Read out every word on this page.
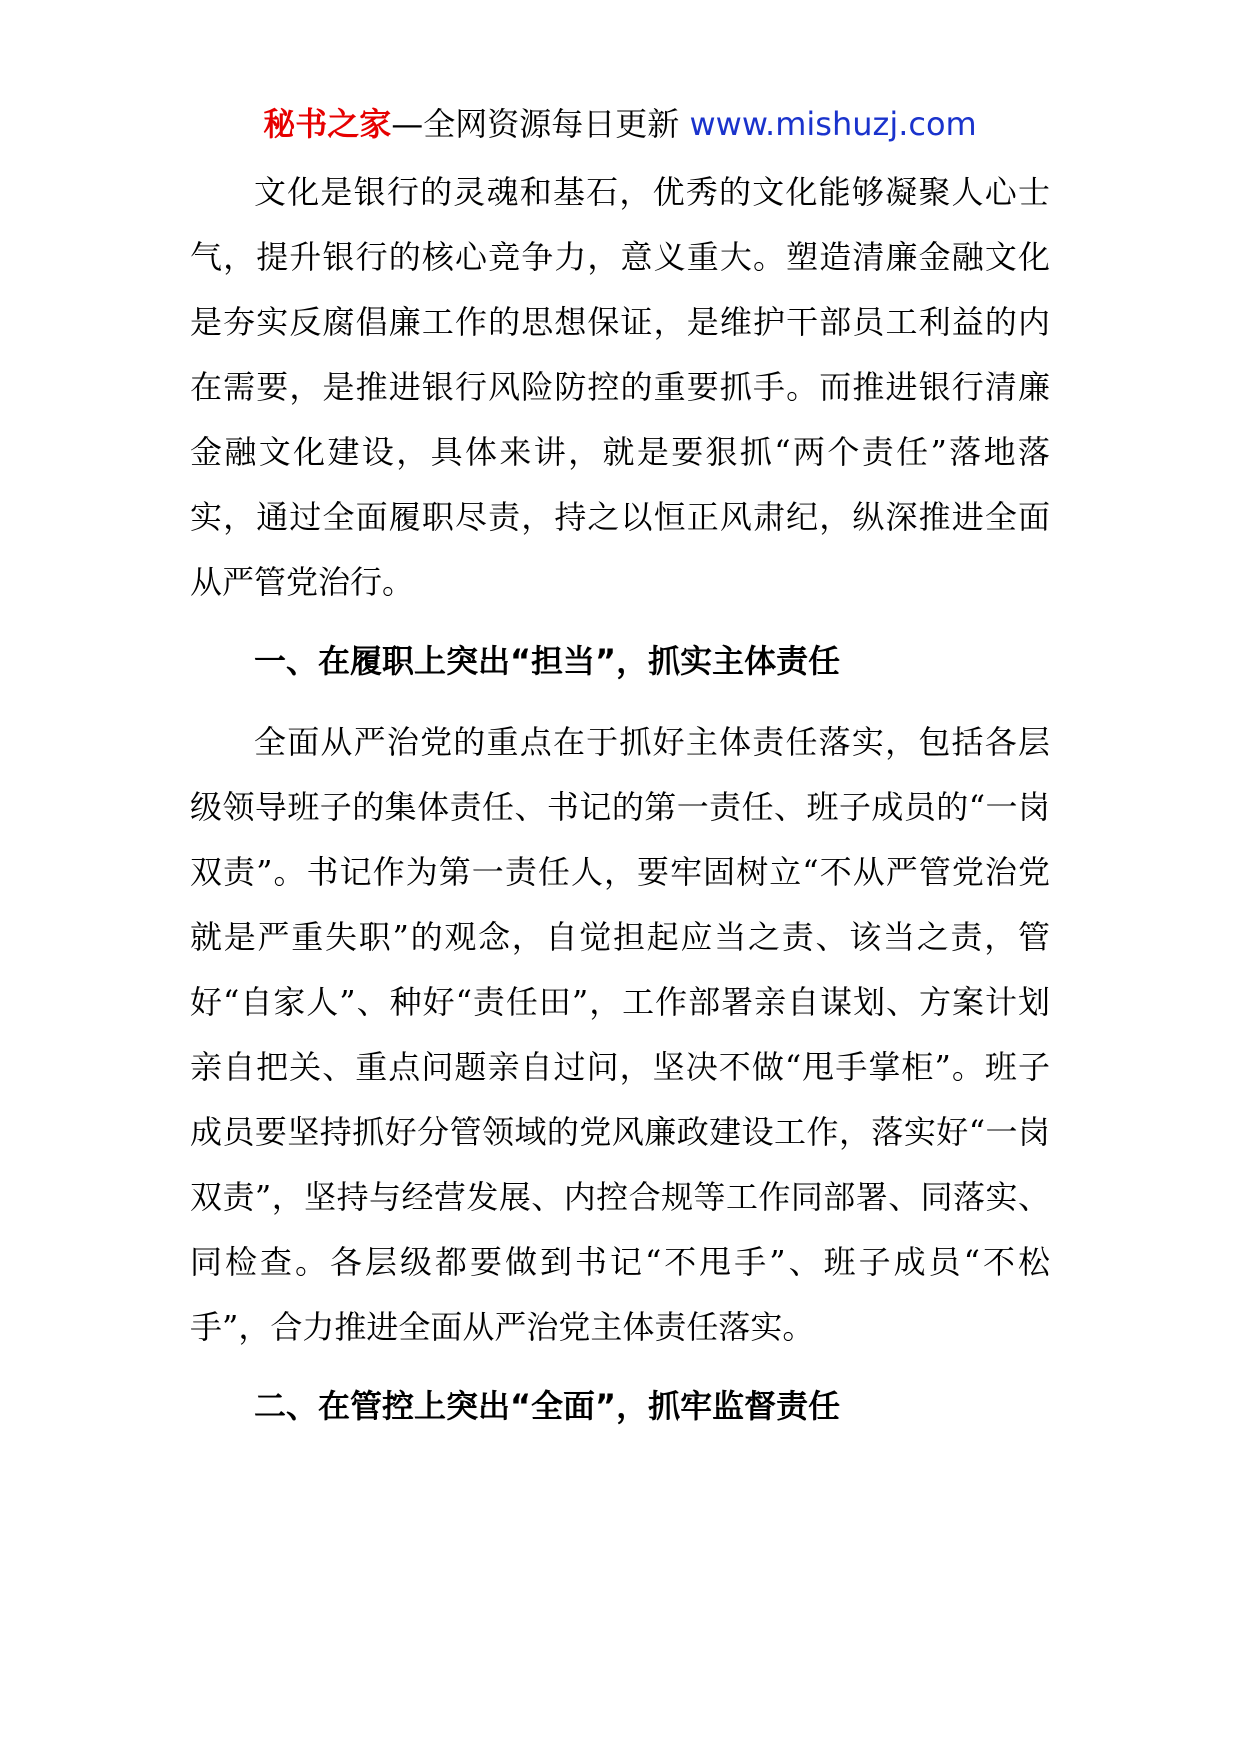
秘书之家—全网资源每日更新 www.mishuzj.com

文化是银行的灵魂和基石，优秀的文化能够凝聚人心士气，提升银行的核心竞争力，意义重大。塑造清廉金融文化是夯实反腐倡廉工作的思想保证，是维护干部员工利益的内在需要，是推进银行风险防控的重要抓手。而推进银行清廉金融文化建设，具体来讲，就是要狠抓“两个责任”落地落实，通过全面履职尽责，持之以恒正风肃纪，纵深推进全面从严管党治行。

一、在履职上突出“担当”，抓实主体责任

全面从严治党的重点在于抓好主体责任落实，包括各层级领导班子的集体责任、书记的第一责任、班子成员的“一岗双责”。书记作为第一责任人，要牢固树立“不从严管党治党就是严重失职”的观念，自觉担起应当之责、该当之责，管好“自家人”、种好“责任田”，工作部署亲自谋划、方案计划亲自把关、重点问题亲自过问，坚决不做“甩手掌柜”。班子成员要坚持抓好分管领域的党风廉政建设工作，落实好“一岗双责”，坚持与经营发展、内控合规等工作同部署、同落实、同检查。各层级都要做到书记“不甩手”、班子成员“不松手”，合力推进全面从严治党主体责任落实。

二、在管控上突出“全面”，抓牢监督责任
